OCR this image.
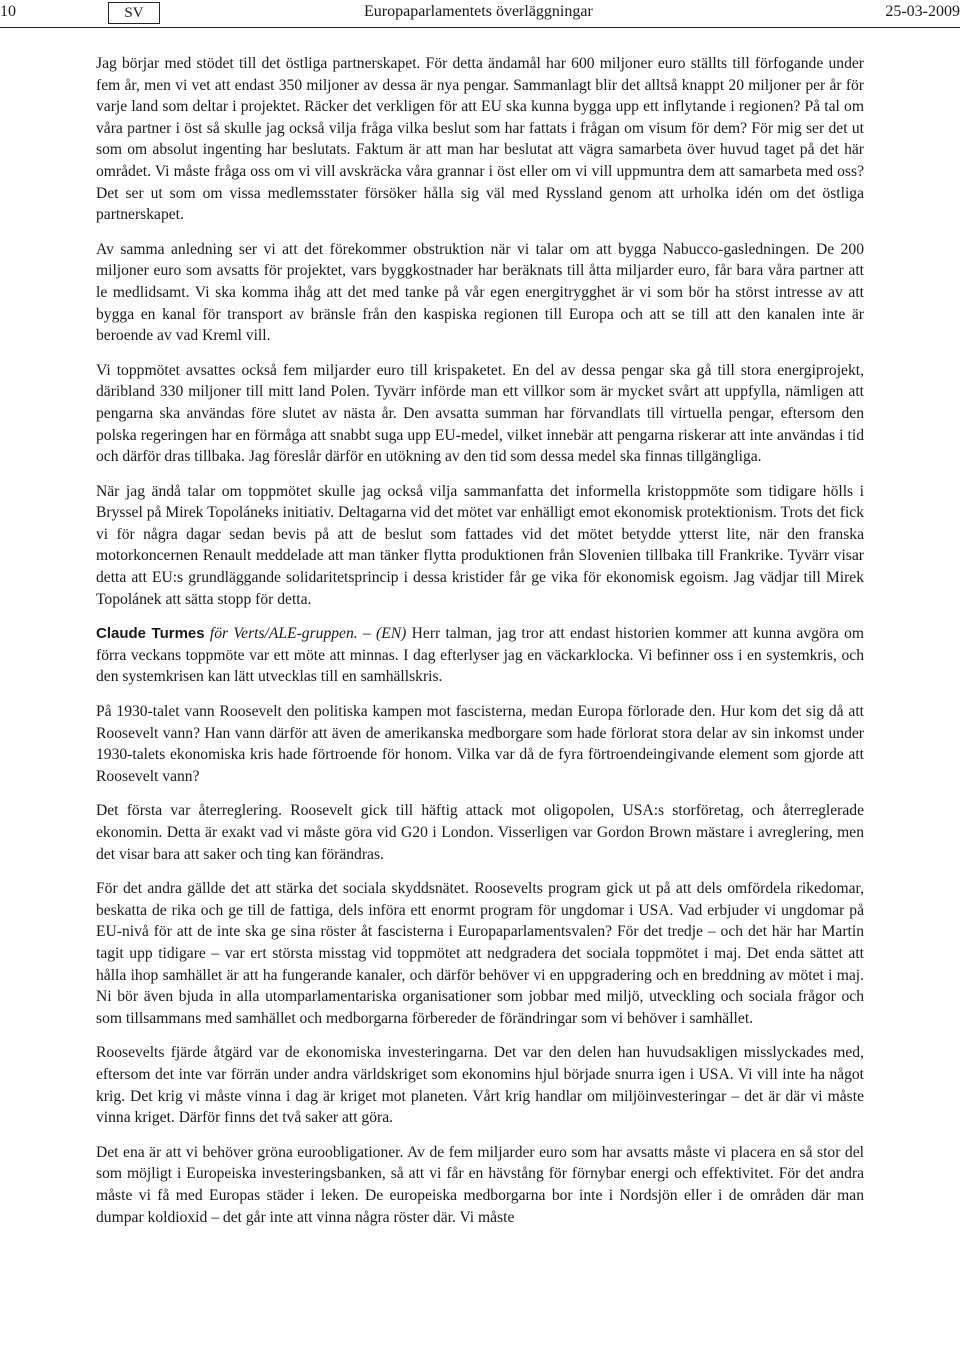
10	SV	Europaparlamentets överläggningar	25-03-2009

Jag börjar med stödet till det östliga partnerskapet. För detta ändamål har 600 miljoner euro ställts till förfogande under fem år, men vi vet att endast 350 miljoner av dessa är nya pengar. Sammanlagt blir det alltså knappt 20 miljoner per år för varje land som deltar i projektet. Räcker det verkligen för att EU ska kunna bygga upp ett inflytande i regionen? På tal om våra partner i öst så skulle jag också vilja fråga vilka beslut som har fattats i frågan om visum för dem? För mig ser det ut som om absolut ingenting har beslutats. Faktum är att man har beslutat att vägra samarbeta över huvud taget på det här området. Vi måste fråga oss om vi vill avskräcka våra grannar i öst eller om vi vill uppmuntra dem att samarbeta med oss? Det ser ut som om vissa medlemsstater försöker hålla sig väl med Ryssland genom att urholka idén om det östliga partnerskapet.

Av samma anledning ser vi att det förekommer obstruktion när vi talar om att bygga Nabucco-gasledningen. De 200 miljoner euro som avsatts för projektet, vars byggkostnader har beräknats till åtta miljarder euro, får bara våra partner att le medlidsamt. Vi ska komma ihåg att det med tanke på vår egen energitrygghet är vi som bör ha störst intresse av att bygga en kanal för transport av bränsle från den kaspiska regionen till Europa och att se till att den kanalen inte är beroende av vad Kreml vill.

Vi toppmötet avsattes också fem miljarder euro till krispaketet. En del av dessa pengar ska gå till stora energiprojekt, däribland 330 miljoner till mitt land Polen. Tyvärr införde man ett villkor som är mycket svårt att uppfylla, nämligen att pengarna ska användas före slutet av nästa år. Den avsatta summan har förvandlats till virtuella pengar, eftersom den polska regeringen har en förmåga att snabbt suga upp EU-medel, vilket innebär att pengarna riskerar att inte användas i tid och därför dras tillbaka. Jag föreslår därför en utökning av den tid som dessa medel ska finnas tillgängliga.

När jag ändå talar om toppmötet skulle jag också vilja sammanfatta det informella kristoppmöte som tidigare hölls i Bryssel på Mirek Topoláneks initiativ. Deltagarna vid det mötet var enhälligt emot ekonomisk protektionism. Trots det fick vi för några dagar sedan bevis på att de beslut som fattades vid det mötet betydde ytterst lite, när den franska motorkoncernen Renault meddelade att man tänker flytta produktionen från Slovenien tillbaka till Frankrike. Tyvärr visar detta att EU:s grundläggande solidaritetsprincip i dessa kristider får ge vika för ekonomisk egoism. Jag vädjar till Mirek Topolánek att sätta stopp för detta.

Claude Turmes för Verts/ALE-gruppen. – (EN) Herr talman, jag tror att endast historien kommer att kunna avgöra om förra veckans toppmöte var ett möte att minnas. I dag efterlyser jag en väckarklocka. Vi befinner oss i en systemkris, och den systemkrisen kan lätt utvecklas till en samhällskris.

På 1930-talet vann Roosevelt den politiska kampen mot fascisterna, medan Europa förlorade den. Hur kom det sig då att Roosevelt vann? Han vann därför att även de amerikanska medborgare som hade förlorat stora delar av sin inkomst under 1930-talets ekonomiska kris hade förtroende för honom. Vilka var då de fyra förtroendeingivande element som gjorde att Roosevelt vann?

Det första var återreglering. Roosevelt gick till häftig attack mot oligopolen, USA:s storföretag, och återreglerade ekonomin. Detta är exakt vad vi måste göra vid G20 i London. Visserligen var Gordon Brown mästare i avreglering, men det visar bara att saker och ting kan förändras.

För det andra gällde det att stärka det sociala skyddsnätet. Roosevelts program gick ut på att dels omfördela rikedomar, beskatta de rika och ge till de fattiga, dels införa ett enormt program för ungdomar i USA. Vad erbjuder vi ungdomar på EU-nivå för att de inte ska ge sina röster åt fascisterna i Europaparlamentsvalen? För det tredje – och det här har Martin tagit upp tidigare – var ert största misstag vid toppmötet att nedgradera det sociala toppmötet i maj. Det enda sättet att hålla ihop samhället är att ha fungerande kanaler, och därför behöver vi en uppgradering och en breddning av mötet i maj. Ni bör även bjuda in alla utomparlamentariska organisationer som jobbar med miljö, utveckling och sociala frågor och som tillsammans med samhället och medborgarna förbereder de förändringar som vi behöver i samhället.

Roosevelts fjärde åtgärd var de ekonomiska investeringarna. Det var den delen han huvudsakligen misslyckades med, eftersom det inte var förrän under andra världskriget som ekonomins hjul började snurra igen i USA. Vi vill inte ha något krig. Det krig vi måste vinna i dag är kriget mot planeten. Vårt krig handlar om miljöinvesteringar – det är där vi måste vinna kriget. Därför finns det två saker att göra.

Det ena är att vi behöver gröna euroobligationer. Av de fem miljarder euro som har avsatts måste vi placera en så stor del som möjligt i Europeiska investeringsbanken, så att vi får en hävstång för förnybar energi och effektivitet. För det andra måste vi få med Europas städer i leken. De europeiska medborgarna bor inte i Nordsjön eller i de områden där man dumpar koldioxid – det går inte att vinna några röster där. Vi måste
